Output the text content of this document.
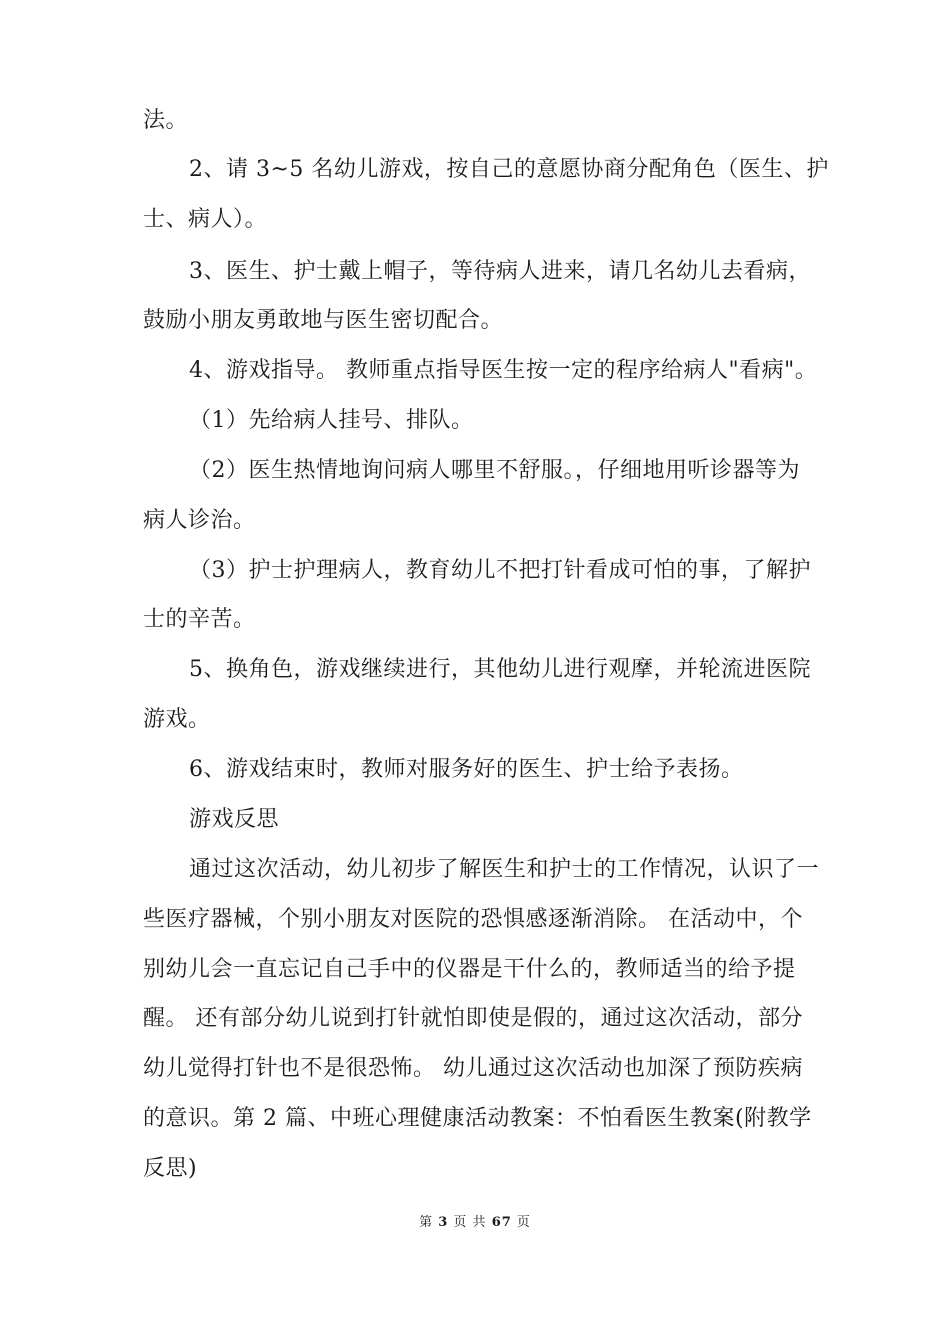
法。
2、请 3~5 名幼儿游戏，按自己的意愿协商分配角色（医生、护
士、病人）。
3、医生、护士戴上帽子，等待病人进来，请几名幼儿去看病，
鼓励小朋友勇敢地与医生密切配合。
4、游戏指导。 教师重点指导医生按一定的程序给病人"看病"。
（1）先给病人挂号、排队。
（2）医生热情地询问病人哪里不舒服。，仔细地用听诊器等为
病人诊治。
（3）护士护理病人，教育幼儿不把打针看成可怕的事，了解护
士的辛苦。
5、换角色，游戏继续进行，其他幼儿进行观摩，并轮流进医院
游戏。
6、游戏结束时，教师对服务好的医生、护士给予表扬。
游戏反思
通过这次活动，幼儿初步了解医生和护士的工作情况，认识了一
些医疗器械，个别小朋友对医院的恐惧感逐渐消除。 在活动中，个
别幼儿会一直忘记自己手中的仪器是干什么的，教师适当的给予提
醒。 还有部分幼儿说到打针就怕即使是假的，通过这次活动，部分
幼儿觉得打针也不是很恐怖。 幼儿通过这次活动也加深了预防疾病
的意识。第 2 篇、中班心理健康活动教案：不怕看医生教案(附教学
反思)
第 3 页 共 67 页
